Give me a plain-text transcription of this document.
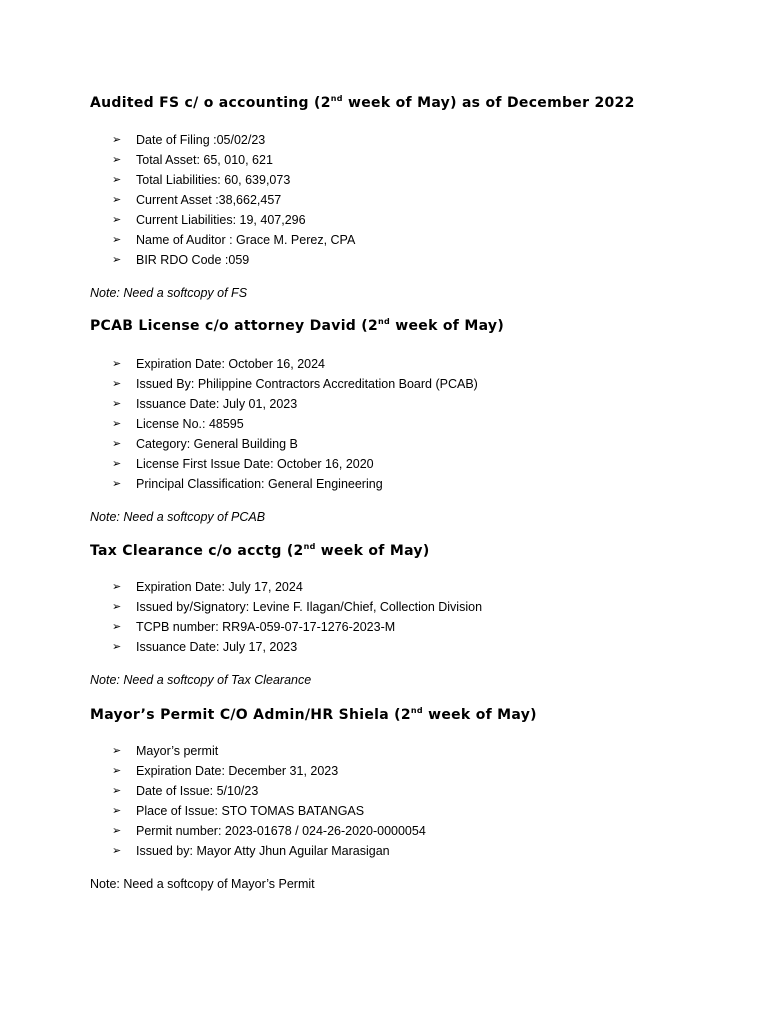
Audited FS c/ o accounting (2nd week of May) as of December 2022
➢ Date of Filing :05/02/23
➢ Total Asset: 65, 010, 621
➢ Total Liabilities: 60, 639,073
➢ Current Asset :38,662,457
➢ Current Liabilities: 19, 407,296
➢ Name of Auditor : Grace M. Perez, CPA
➢ BIR RDO Code :059
Note: Need a softcopy of FS
PCAB License c/o attorney David (2nd week of May)
➢ Expiration Date: October 16, 2024
➢ Issued By: Philippine Contractors Accreditation Board (PCAB)
➢ Issuance Date: July 01, 2023
➢ License No.: 48595
➢ Category: General Building B
➢ License First Issue Date: October 16, 2020
➢ Principal Classification: General Engineering
Note: Need a softcopy of PCAB
Tax Clearance c/o acctg (2nd week of May)
➢ Expiration Date: July 17, 2024
➢ Issued by/Signatory: Levine F. Ilagan/Chief, Collection Division
➢ TCPB number: RR9A-059-07-17-1276-2023-M
➢ Issuance Date: July 17, 2023
Note: Need a softcopy of Tax Clearance
Mayor’s Permit C/O Admin/HR Shiela (2nd week of May)
➢ Mayor’s permit
➢ Expiration Date: December 31, 2023
➢ Date of Issue: 5/10/23
➢ Place of Issue: STO TOMAS BATANGAS
➢ Permit number: 2023-01678 / 024-26-2020-0000054
➢ Issued by: Mayor Atty Jhun Aguilar Marasigan
Note: Need a softcopy of Mayor’s Permit
